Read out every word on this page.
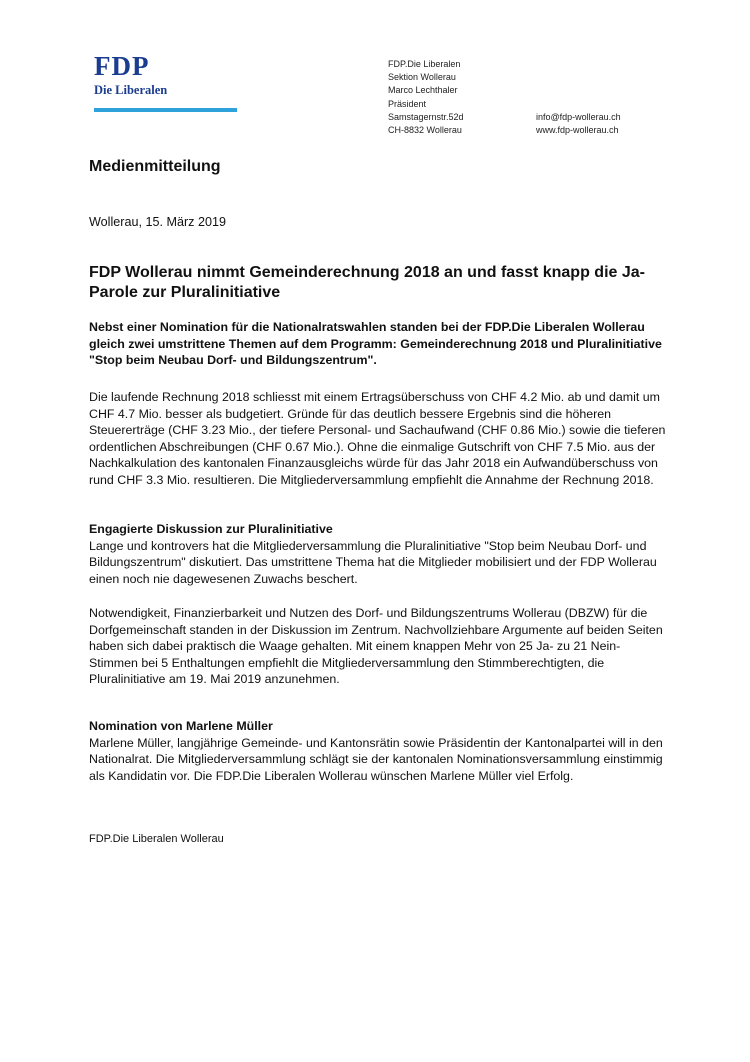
FDP
Die Liberalen
FDP.Die Liberalen
Sektion Wollerau
Marco Lechthaler
Präsident
Samstagernstr.52d
CH-8832 Wollerau
info@fdp-wollerau.ch
www.fdp-wollerau.ch
Medienmitteilung
Wollerau, 15. März 2019
FDP Wollerau nimmt Gemeinderechnung 2018 an und fasst knapp die Ja-Parole zur Pluralinitiative
Nebst einer Nomination für die Nationalratswahlen standen bei der FDP.Die Liberalen Wollerau gleich zwei umstrittene Themen auf dem Programm: Gemeinderechnung 2018 und Pluralinitiative "Stop beim Neubau Dorf- und Bildungszentrum".

Die laufende Rechnung 2018 schliesst mit einem Ertragsüberschuss von CHF 4.2 Mio. ab und damit um CHF 4.7 Mio. besser als budgetiert. Gründe für das deutlich bessere Ergebnis sind die höheren Steuererträge (CHF 3.23 Mio., der tiefere Personal- und Sachaufwand (CHF 0.86 Mio.) sowie die tieferen ordentlichen Abschreibungen (CHF 0.67 Mio.). Ohne die einmalige Gutschrift von CHF 7.5 Mio. aus der Nachkalkulation des kantonalen Finanzausgleichs würde für das Jahr 2018 ein Aufwandüberschuss von rund CHF 3.3 Mio. resultieren. Die Mitgliederversammlung empfiehlt die Annahme der Rechnung 2018.

Engagierte Diskussion zur Pluralinitiative

Lange und kontrovers hat die Mitgliederversammlung die Pluralinitiative "Stop beim Neubau Dorf- und Bildungszentrum" diskutiert. Das umstrittene Thema hat die Mitglieder mobilisiert und der FDP Wollerau einen noch nie dagewesenen Zuwachs beschert.

Notwendigkeit, Finanzierbarkeit und Nutzen des Dorf- und Bildungszentrums Wollerau (DBZW) für die Dorfgemeinschaft standen in der Diskussion im Zentrum. Nachvollziehbare Argumente auf beiden Seiten haben sich dabei praktisch die Waage gehalten. Mit einem knappen Mehr von 25 Ja- zu 21 Nein-Stimmen bei 5 Enthaltungen empfiehlt die Mitgliederversammlung den Stimmberechtigten, die Pluralinitiative am 19. Mai 2019 anzunehmen.

Nomination von Marlene Müller

Marlene Müller, langjährige Gemeinde- und Kantonsrätin sowie Präsidentin der Kantonalpartei will in den Nationalrat. Die Mitgliederversammlung schlägt sie der kantonalen Nominationsversammlung einstimmig als Kandidatin vor. Die FDP.Die Liberalen Wollerau wünschen Marlene Müller viel Erfolg.

FDP.Die Liberalen Wollerau
